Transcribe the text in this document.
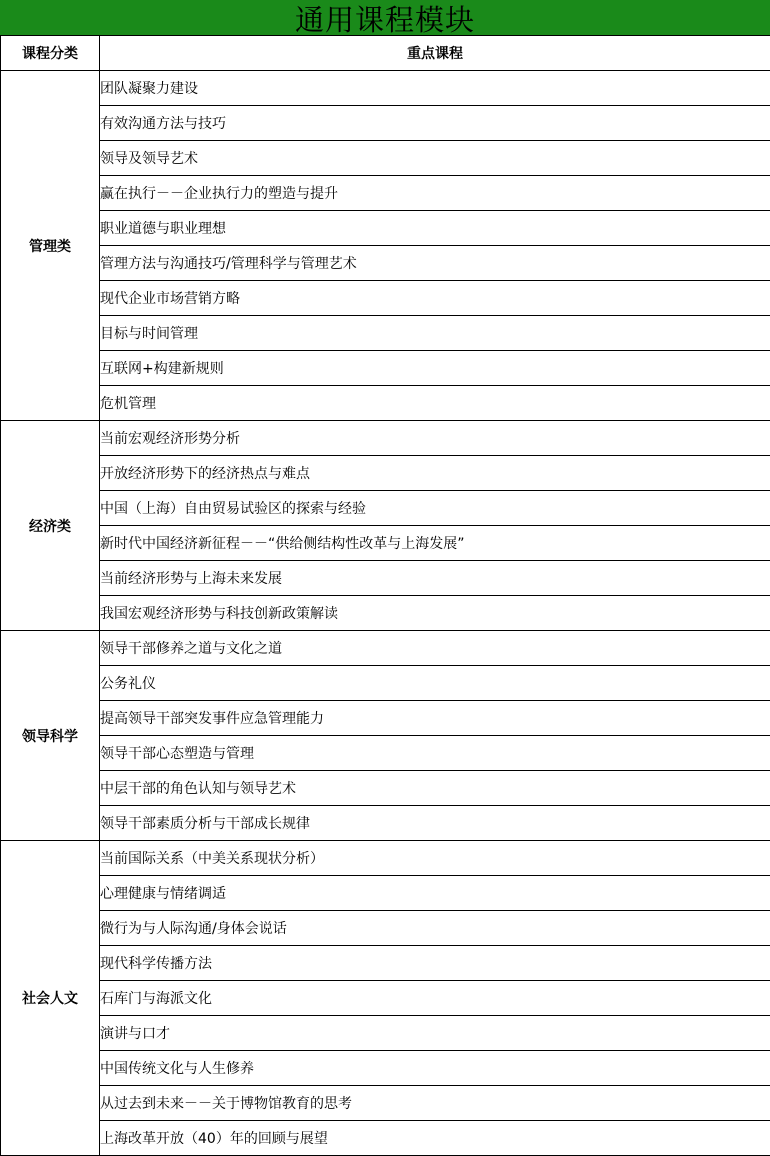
通用课程模块
课程分类	重点课程
管理类	团队凝聚力建设
	有效沟通方法与技巧
	领导及领导艺术
	赢在执行－－企业执行力的塑造与提升
	职业道德与职业理想
	管理方法与沟通技巧/管理科学与管理艺术
	现代企业市场营销方略
	目标与时间管理
	互联网+构建新规则
	危机管理
经济类	当前宏观经济形势分析
	开放经济形势下的经济热点与难点
	中国（上海）自由贸易试验区的探索与经验
	新时代中国经济新征程－－“供给侧结构性改革与上海发展”
	当前经济形势与上海未来发展
	我国宏观经济形势与科技创新政策解读
领导科学	领导干部修养之道与文化之道
	公务礼仪
	提高领导干部突发事件应急管理能力
	领导干部心态塑造与管理
	中层干部的角色认知与领导艺术
	领导干部素质分析与干部成长规律
社会人文	当前国际关系（中美关系现状分析）
	心理健康与情绪调适
	微行为与人际沟通/身体会说话
	现代科学传播方法
	石库门与海派文化
	演讲与口才
	中国传统文化与人生修养
	从过去到未来－－关于博物馆教育的思考
	上海改革开放（40）年的回顾与展望
